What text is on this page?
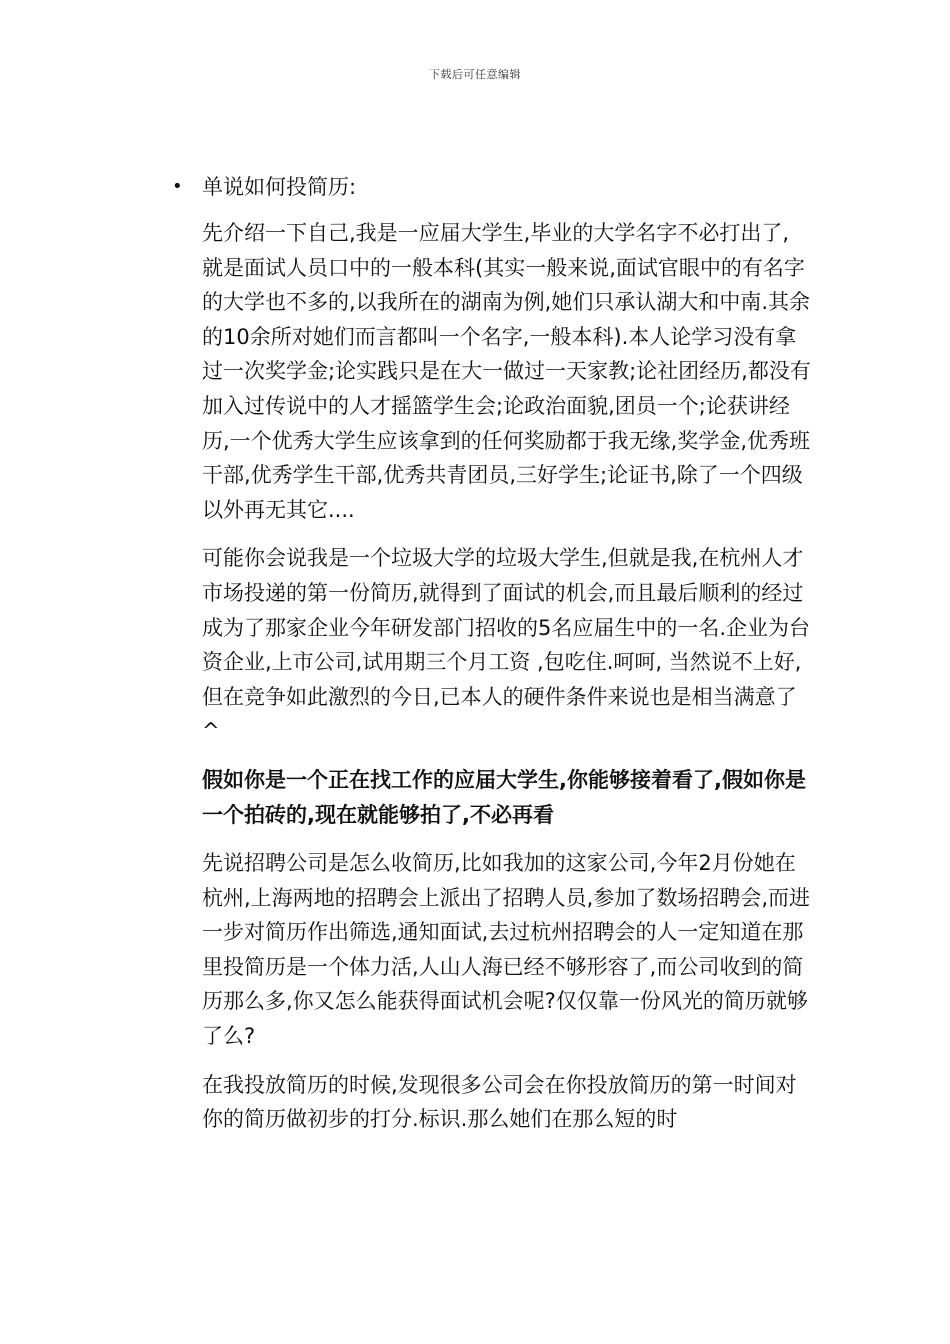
下载后可任意编辑
• 单说如何投简历:

先介绍一下自己,我是一应届大学生,毕业的大学名字不必打出了, 就是面试人员口中的一般本科(其实一般来说,面试官眼中的有名字的大学也不多的,以我所在的湖南为例,她们只承认湖大和中南.其余的10余所对她们而言都叫一个名字,一般本科).本人论学习没有拿过一次奖学金;论实践只是在大一做过一天家教;论社团经历,都没有加入过传说中的人才摇篮学生会;论政治面貌,团员一个;论获讲经历,一个优秀大学生应该拿到的任何奖励都于我无缘,奖学金,优秀班干部,优秀学生干部,优秀共青团员,三好学生;论证书,除了一个四级以外再无其它....

可能你会说我是一个垃圾大学的垃圾大学生,但就是我,在杭州人才市场投递的第一份简历,就得到了面试的机会,而且最后顺利的经过成为了那家企业今年研发部门招收的5名应届生中的一名.企业为台资企业,上市公司,试用期三个月工资 ,包吃住.呵呵, 当然说不上好,但在竞争如此激烈的今日,已本人的硬件条件来说也是相当满意了^

假如你是一个正在找工作的应届大学生,你能够接着看了,假如你是一个拍砖的,现在就能够拍了,不必再看

先说招聘公司是怎么收简历,比如我加的这家公司,今年2月份她在杭州,上海两地的招聘会上派出了招聘人员,参加了数场招聘会,而进一步对简历作出筛选,通知面试,去过杭州招聘会的人一定知道在那里投简历是一个体力活,人山人海已经不够形容了,而公司收到的简历那么多,你又怎么能获得面试机会呢?仅仅靠一份风光的简历就够了么?

在我投放简历的时候,发现很多公司会在你投放简历的第一时间对你的简历做初步的打分.标识.那么她们在那么短的时
